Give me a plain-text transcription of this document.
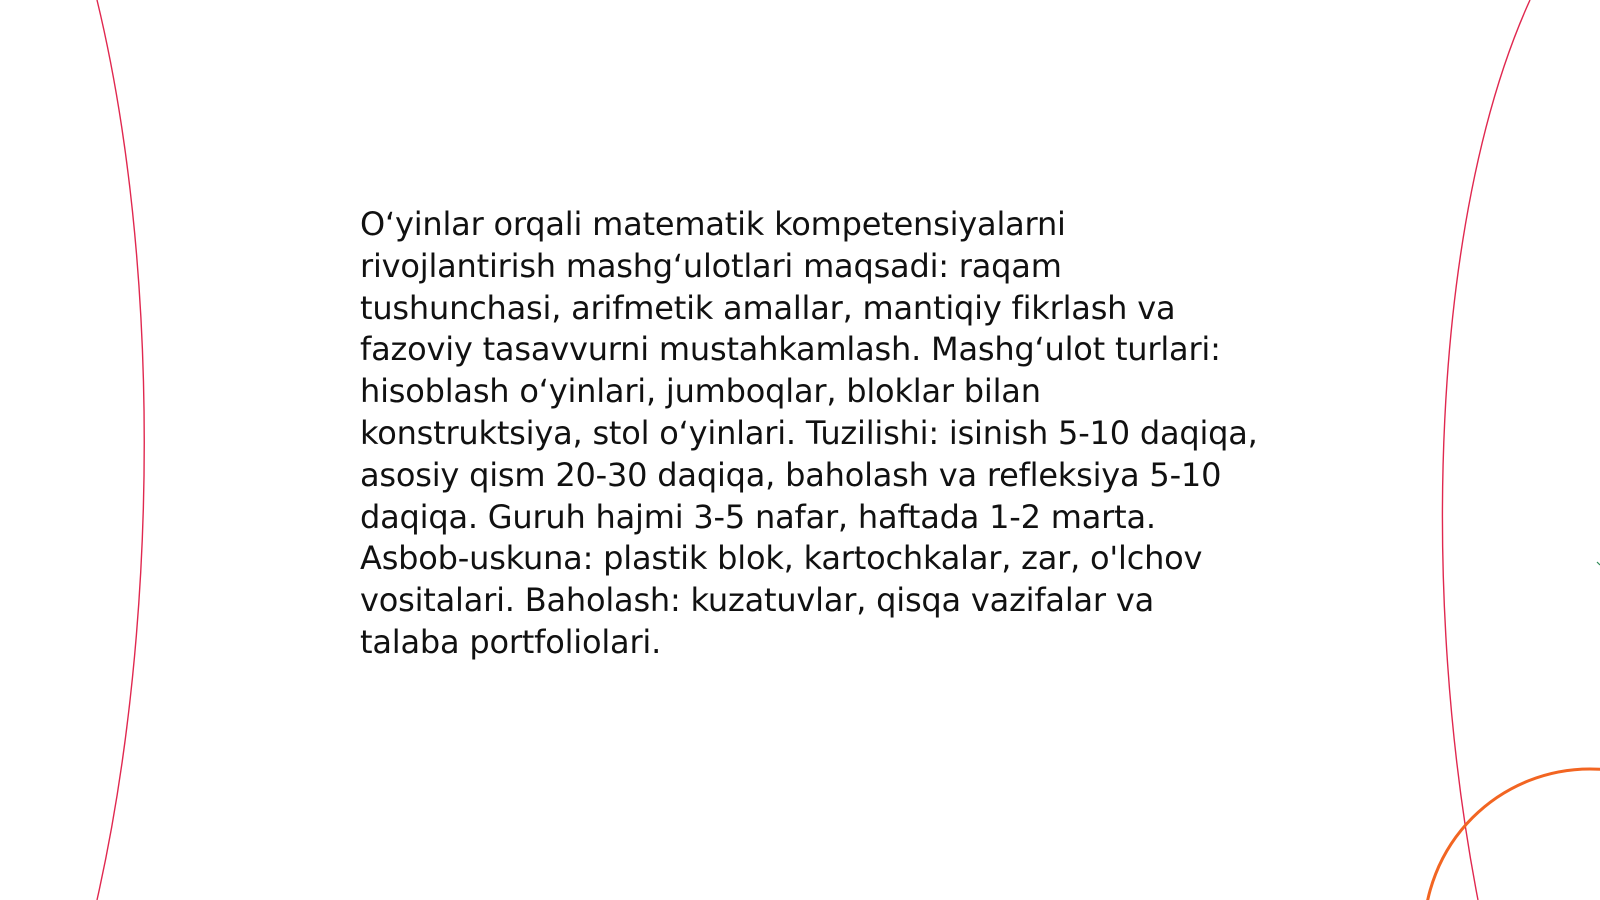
O‘yinlar orqali matematik kompetensiyalarni rivojlantirish mashg‘ulotlari maqsadi: raqam tushunchasi, arifmetik amallar, mantiqiy fikrlash va fazoviy tasavvurni mustahkamlash. Mashg‘ulot turlari: hisoblash o‘yinlari, jumboqlar, bloklar bilan konstruktsiya, stol o‘yinlari. Tuzilishi: isinish 5-10 daqiqa, asosiy qism 20-30 daqiqa, baholash va refleksiya 5-10 daqiqa. Guruh hajmi 3-5 nafar, haftada 1-2 marta. Asbob-uskuna: plastik blok, kartochkalar, zar, o'lchov vositalari. Baholash: kuzatuvlar, qisqa vazifalar va talaba portfoliolari.
